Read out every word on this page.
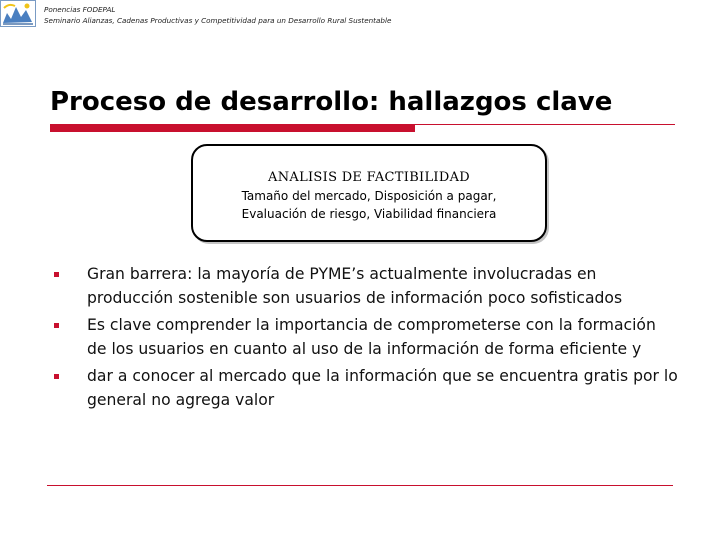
Ponencias FODEPAL
Seminario Alianzas, Cadenas Productivas y Competitividad para un Desarrollo Rural Sustentable
Proceso de desarrollo: hallazgos clave
ANALISIS DE FACTIBILIDAD
Tamaño del mercado, Disposición a pagar,
Evaluación de riesgo, Viabilidad financiera
Gran barrera: la mayoría de PYME’s actualmente involucradas en producción sostenible son usuarios de información poco sofisticados
Es clave comprender la importancia de comprometerse con la formación de los usuarios en cuanto al uso de la información de forma eficiente y
dar a conocer al mercado que la información que se encuentra gratis por lo general no agrega valor
